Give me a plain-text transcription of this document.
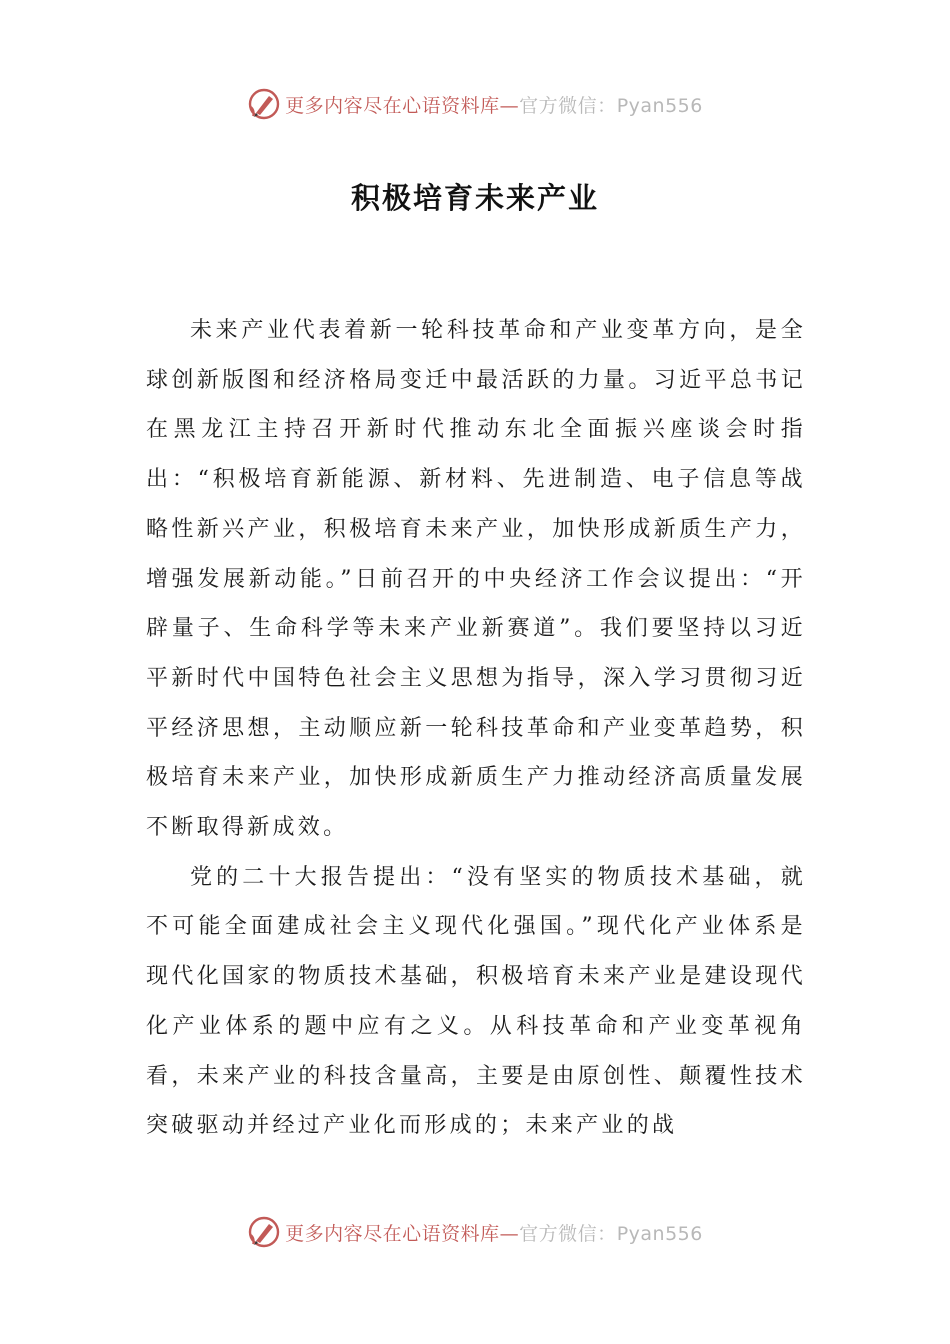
更多内容尽在心语资料库—官方微信：Pyan556
积极培育未来产业

未来产业代表着新一轮科技革命和产业变革方向，是全球创新版图和经济格局变迁中最活跃的力量。习近平总书记在黑龙江主持召开新时代推动东北全面振兴座谈会时指出：“积极培育新能源、新材料、先进制造、电子信息等战略性新兴产业，积极培育未来产业，加快形成新质生产力，增强发展新动能。”日前召开的中央经济工作会议提出：“开辟量子、生命科学等未来产业新赛道”。我们要坚持以习近平新时代中国特色社会主义思想为指导，深入学习贯彻习近平经济思想，主动顺应新一轮科技革命和产业变革趋势，积极培育未来产业，加快形成新质生产力推动经济高质量发展不断取得新成效。

党的二十大报告提出：“没有坚实的物质技术基础，就不可能全面建成社会主义现代化强国。”现代化产业体系是现代化国家的物质技术基础，积极培育未来产业是建设现代化产业体系的题中应有之义。从科技革命和产业变革视角看，未来产业的科技含量高，主要是由原创性、颠覆性技术突破驱动并经过产业化而形成的；未来产业的战

更多内容尽在心语资料库—官方微信：Pyan556
